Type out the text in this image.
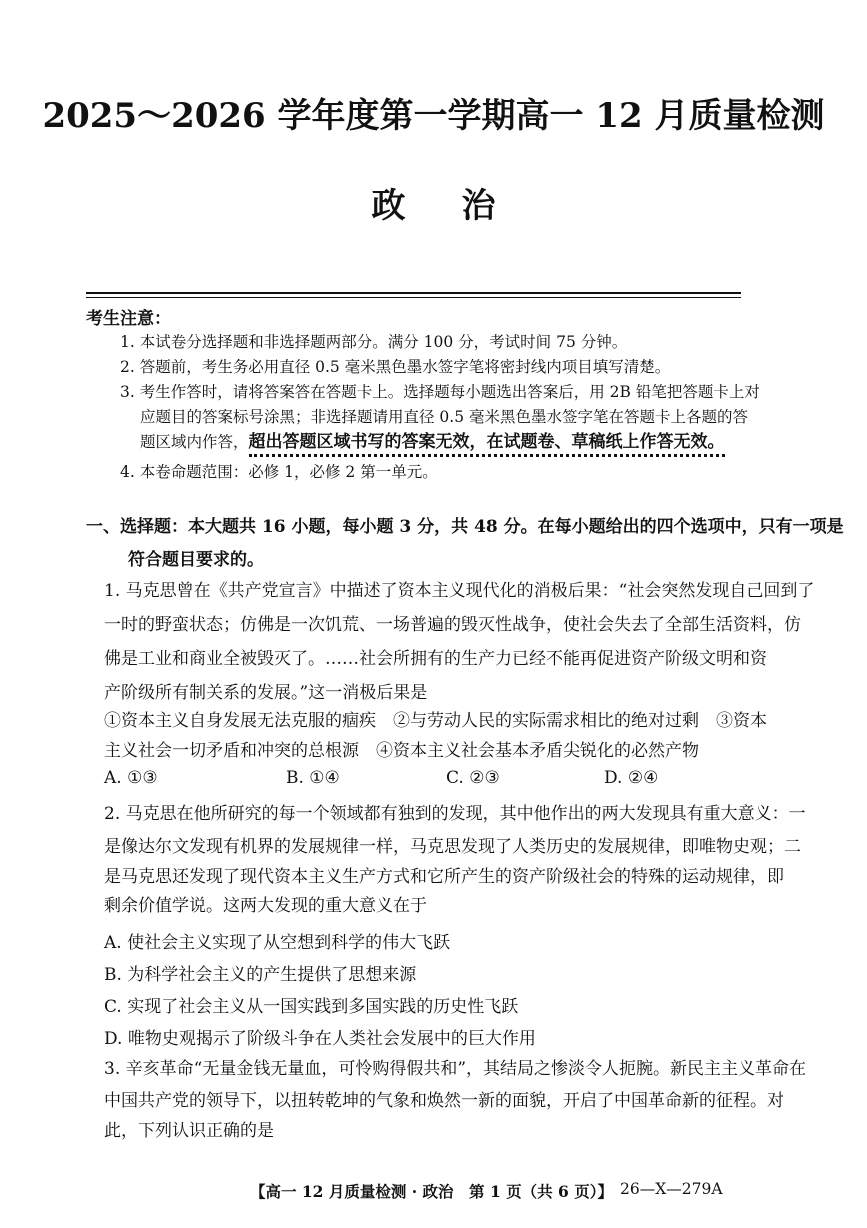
2025～2026 学年度第一学期高一 12 月质量检测
政治
考生注意：
1. 本试卷分选择题和非选择题两部分。满分 100 分，考试时间 75 分钟。
2. 答题前，考生务必用直径 0.5 毫米黑色墨水签字笔将密封线内项目填写清楚。
3. 考生作答时，请将答案答在答题卡上。选择题每小题选出答案后，用 2B 铅笔把答题卡上对
应题目的答案标号涂黑；非选择题请用直径 0.5 毫米黑色墨水签字笔在答题卡上各题的答
题区域内作答，超出答题区域书写的答案无效，在试题卷、草稿纸上作答无效。
4. 本卷命题范围：必修 1，必修 2 第一单元。
一、选择题：本大题共 16 小题，每小题 3 分，共 48 分。在每小题给出的四个选项中，只有一项是
符合题目要求的。
1. 马克思曾在《共产党宣言》中描述了资本主义现代化的消极后果：“社会突然发现自己回到了
一时的野蛮状态；仿佛是一次饥荒、一场普遍的毁灭性战争，使社会失去了全部生活资料，仿
佛是工业和商业全被毁灭了。……社会所拥有的生产力已经不能再促进资产阶级文明和资
产阶级所有制关系的发展。”这一消极后果是
①资本主义自身发展无法克服的痼疾　②与劳动人民的实际需求相比的绝对过剩　③资本
主义社会一切矛盾和冲突的总根源　④资本主义社会基本矛盾尖锐化的必然产物
A. ①③	B. ①④	C. ②③	D. ②④
2. 马克思在他所研究的每一个领域都有独到的发现，其中他作出的两大发现具有重大意义：一
是像达尔文发现有机界的发展规律一样，马克思发现了人类历史的发展规律，即唯物史观；二
是马克思还发现了现代资本主义生产方式和它所产生的资产阶级社会的特殊的运动规律，即
剩余价值学说。这两大发现的重大意义在于
A. 使社会主义实现了从空想到科学的伟大飞跃
B. 为科学社会主义的产生提供了思想来源
C. 实现了社会主义从一国实践到多国实践的历史性飞跃
D. 唯物史观揭示了阶级斗争在人类社会发展中的巨大作用
3. 辛亥革命“无量金钱无量血，可怜购得假共和”，其结局之惨淡令人扼腕。新民主主义革命在
中国共产党的领导下，以扭转乾坤的气象和焕然一新的面貌，开启了中国革命新的征程。对
此，下列认识正确的是
【高一 12 月质量检测 · 政治　第 1 页（共 6 页）】 26—X—279A
